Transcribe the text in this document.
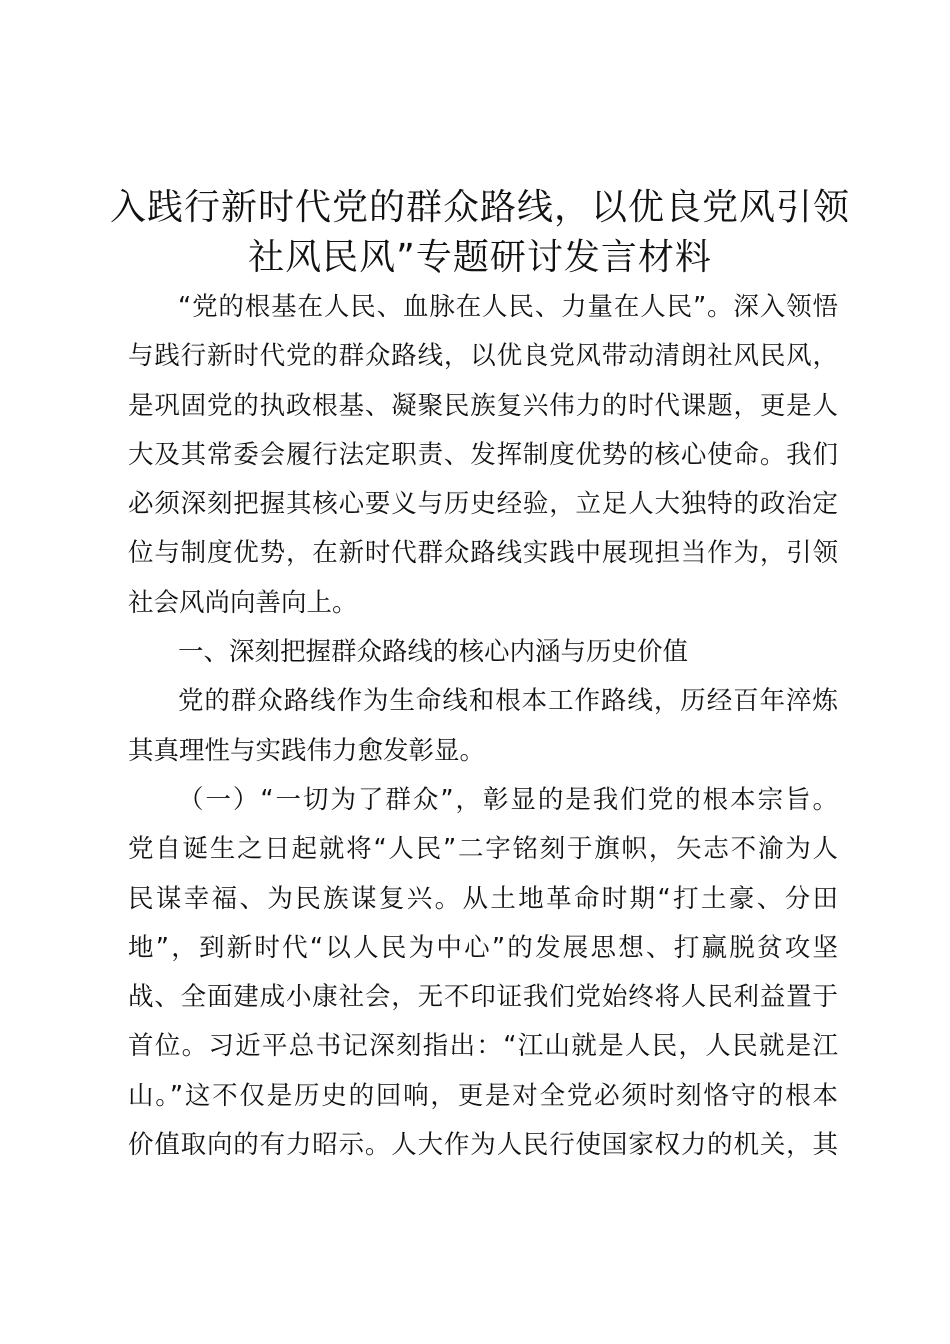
入践行新时代党的群众路线，以优良党风引领
社风民风”专题研讨发言材料
“党的根基在人民、血脉在人民、力量在人民”。深入领悟
与践行新时代党的群众路线，以优良党风带动清朗社风民风，
是巩固党的执政根基、凝聚民族复兴伟力的时代课题，更是人
大及其常委会履行法定职责、发挥制度优势的核心使命。我们
必须深刻把握其核心要义与历史经验，立足人大独特的政治定
位与制度优势，在新时代群众路线实践中展现担当作为，引领
社会风尚向善向上。
一、深刻把握群众路线的核心内涵与历史价值
党的群众路线作为生命线和根本工作路线，历经百年淬炼
其真理性与实践伟力愈发彰显。
（一）“一切为了群众”，彰显的是我们党的根本宗旨。
党自诞生之日起就将“人民”二字铭刻于旗帜，矢志不渝为人
民谋幸福、为民族谋复兴。从土地革命时期“打土豪、分田
地”，到新时代“以人民为中心”的发展思想、打赢脱贫攻坚
战、全面建成小康社会，无不印证我们党始终将人民利益置于
首位。习近平总书记深刻指出：“江山就是人民，人民就是江
山。”这不仅是历史的回响，更是对全党必须时刻恪守的根本
价值取向的有力昭示。人大作为人民行使国家权力的机关，其
